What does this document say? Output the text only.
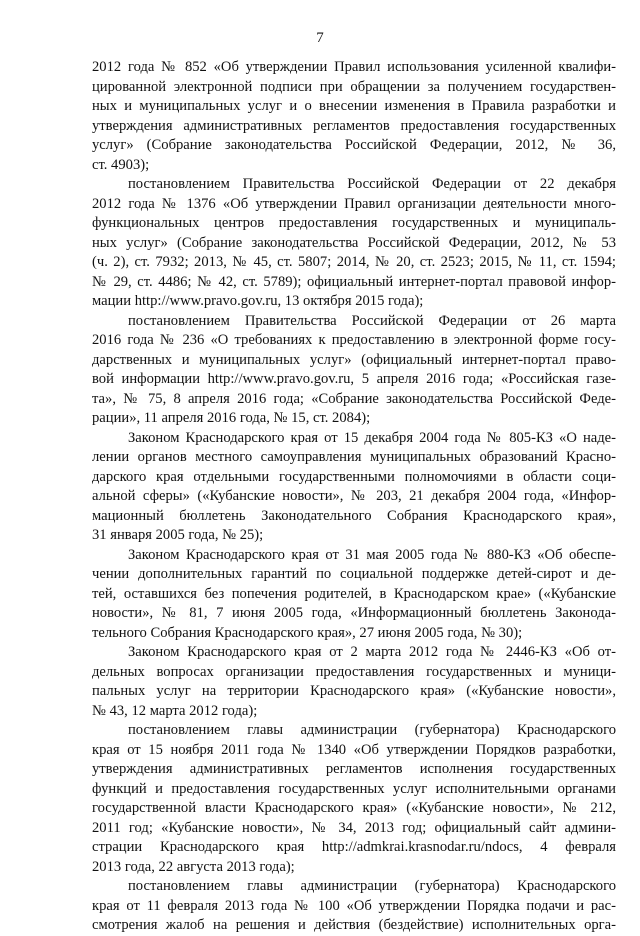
7
2012 года № 852 «Об утверждении Правил использования усиленной квалифи-
цированной электронной подписи при обращении за получением государствен-
ных и муниципальных услуг и о внесении изменения в Правила разработки и
утверждения административных регламентов предоставления государственных
услуг» (Собрание законодательства Российской Федерации, 2012, № 36,
ст. 4903);
постановлением Правительства Российской Федерации от 22 декабря
2012 года № 1376 «Об утверждении Правил организации деятельности много-
функциональных центров предоставления государственных и муниципаль-
ных услуг» (Собрание законодательства Российской Федерации, 2012, № 53
(ч. 2), ст. 7932; 2013, № 45, ст. 5807; 2014, № 20, ст. 2523; 2015, № 11, ст. 1594;
№ 29, ст. 4486; № 42, ст. 5789); официальный интернет-портал правовой инфор-
мации http://www.pravo.gov.ru, 13 октября 2015 года);
постановлением Правительства Российской Федерации от 26 марта
2016 года № 236 «О требованиях к предоставлению в электронной форме госу-
дарственных и муниципальных услуг» (официальный интернет-портал право-
вой информации http://www.pravo.gov.ru, 5 апреля 2016 года; «Российская газе-
та», № 75, 8 апреля 2016 года; «Собрание законодательства Российской Феде-
рации», 11 апреля 2016 года, № 15, ст. 2084);
Законом Краснодарского края от 15 декабря 2004 года № 805-КЗ «О наде-
лении органов местного самоуправления муниципальных образований Красно-
дарского края отдельными государственными полномочиями в области соци-
альной сферы» («Кубанские новости», № 203, 21 декабря 2004 года, «Инфор-
мационный бюллетень Законодательного Собрания Краснодарского края»,
31 января 2005 года, № 25);
Законом Краснодарского края от 31 мая 2005 года № 880-КЗ «Об обеспе-
чении дополнительных гарантий по социальной поддержке детей-сирот и де-
тей, оставшихся без попечения родителей, в Краснодарском крае» («Кубанские
новости», № 81, 7 июня 2005 года, «Информационный бюллетень Законода-
тельного Собрания Краснодарского края», 27 июня 2005 года, № 30);
Законом Краснодарского края от 2 марта 2012 года № 2446-КЗ «Об от-
дельных вопросах организации предоставления государственных и муници-
пальных услуг на территории Краснодарского края» («Кубанские новости»,
№ 43, 12 марта 2012 года);
постановлением главы администрации (губернатора) Краснодарского
края от 15 ноября 2011 года № 1340 «Об утверждении Порядков разработки,
утверждения административных регламентов исполнения государственных
функций и предоставления государственных услуг исполнительными органами
государственной власти Краснодарского края» («Кубанские новости», № 212,
2011 год; «Кубанские новости», № 34, 2013 год; официальный сайт админи-
страции Краснодарского края http://admkrai.krasnodar.ru/ndocs, 4 февраля
2013 года, 22 августа 2013 года);
постановлением главы администрации (губернатора) Краснодарского
края от 11 февраля 2013 года № 100 «Об утверждении Порядка подачи и рас-
смотрения жалоб на решения и действия (бездействие) исполнительных орга-
